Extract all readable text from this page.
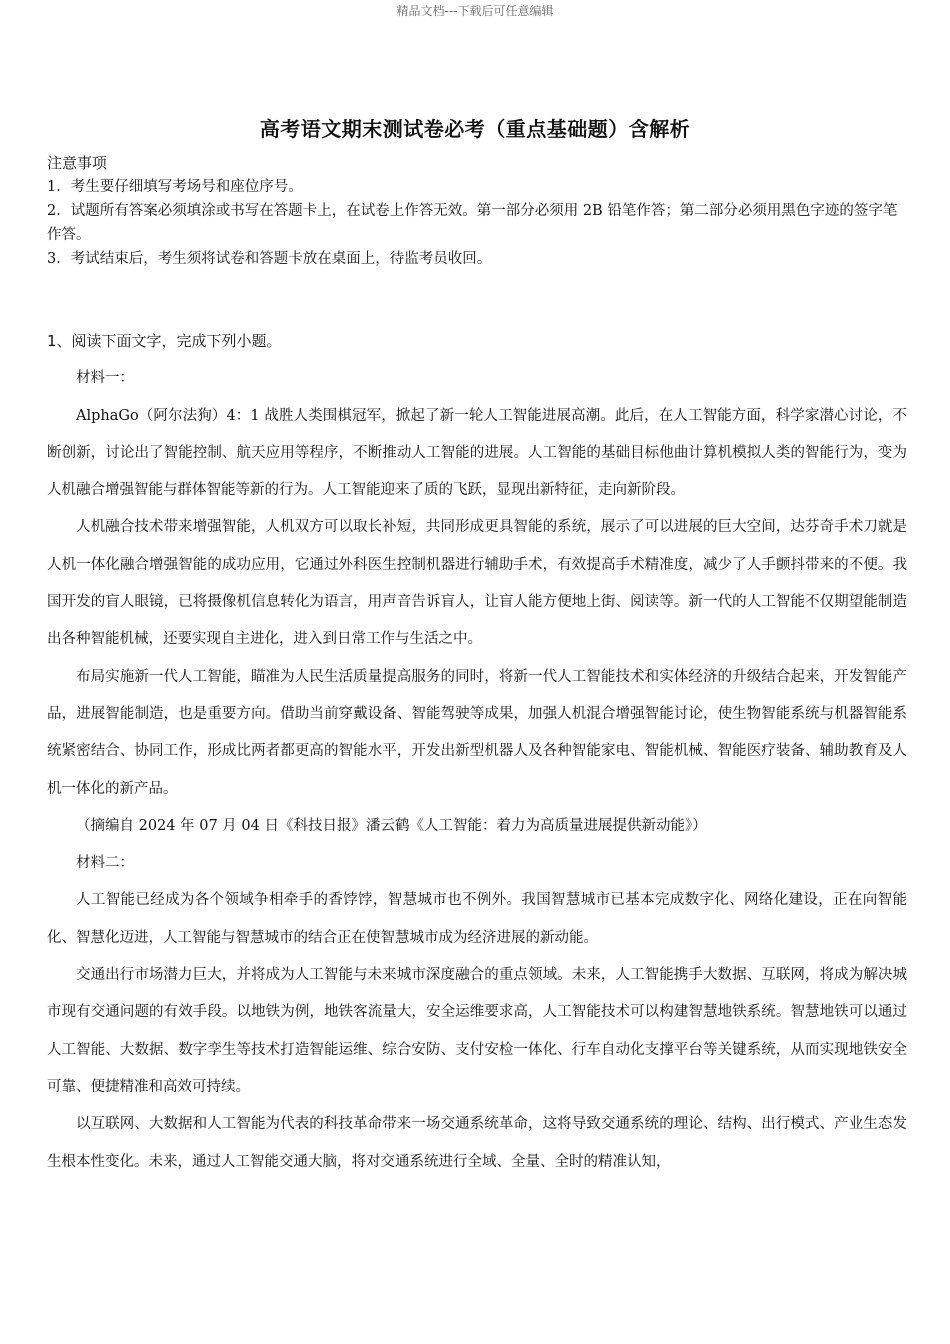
精品文档---下载后可任意编辑
高考语文期末测试卷必考（重点基础题）含解析
注意事项
1．考生要仔细填写考场号和座位序号。
2．试题所有答案必须填涂或书写在答题卡上，在试卷上作答无效。第一部分必须用 2B 铅笔作答；第二部分必须用黑色字迹的签字笔作答。
3．考试结束后，考生须将试卷和答题卡放在桌面上，待监考员收回。

1、阅读下面文字，完成下列小题。

材料一：

AlphaGo（阿尔法狗）4：1 战胜人类围棋冠军，掀起了新一轮人工智能进展高潮。此后，在人工智能方面，科学家潜心讨论，不断创新，讨论出了智能控制、航天应用等程序，不断推动人工智能的进展。人工智能的基础目标他曲计算机模拟人类的智能行为，变为人机融合增强智能与群体智能等新的行为。人工智能迎来了质的飞跃，显现出新特征，走向新阶段。

人机融合技术带来增强智能，人机双方可以取长补短，共同形成更具智能的系统，展示了可以进展的巨大空间，达芬奇手术刀就是人机一体化融合增强智能的成功应用，它通过外科医生控制机器进行辅助手术，有效提高手术精准度，减少了人手颤抖带来的不便。我国开发的盲人眼镜，已将摄像机信息转化为语言，用声音告诉盲人，让盲人能方便地上街、阅读等。新一代的人工智能不仅期望能制造出各种智能机械，还要实现自主进化，进入到日常工作与生活之中。

布局实施新一代人工智能，瞄准为人民生活质量提高服务的同时，将新一代人工智能技术和实体经济的升级结合起来，开发智能产品，进展智能制造，也是重要方向。借助当前穿戴设备、智能驾驶等成果，加强人机混合增强智能讨论，使生物智能系统与机器智能系统紧密结合、协同工作，形成比两者都更高的智能水平，开发出新型机器人及各种智能家电、智能机械、智能医疗装备、辅助教育及人机一体化的新产品。

（摘编自 2024 年 07 月 04 日《科技日报》潘云鹤《人工智能：着力为高质量进展提供新动能》）

材料二：

人工智能已经成为各个领域争相牵手的香饽饽，智慧城市也不例外。我国智慧城市已基本完成数字化、网络化建设，正在向智能化、智慧化迈进，人工智能与智慧城市的结合正在使智慧城市成为经济进展的新动能。

交通出行市场潜力巨大，并将成为人工智能与未来城市深度融合的重点领域。未来，人工智能携手大数据、互联网，将成为解决城市现有交通问题的有效手段。以地铁为例，地铁客流量大，安全运维要求高，人工智能技术可以构建智慧地铁系统。智慧地铁可以通过人工智能、大数据、数字孪生等技术打造智能运维、综合安防、支付安检一体化、行车自动化支撑平台等关键系统，从而实现地铁安全可靠、便捷精准和高效可持续。

以互联网、大数据和人工智能为代表的科技革命带来一场交通系统革命，这将导致交通系统的理论、结构、出行模式、产业生态发生根本性变化。未来，通过人工智能交通大脑，将对交通系统进行全域、全量、全时的精准认知，
